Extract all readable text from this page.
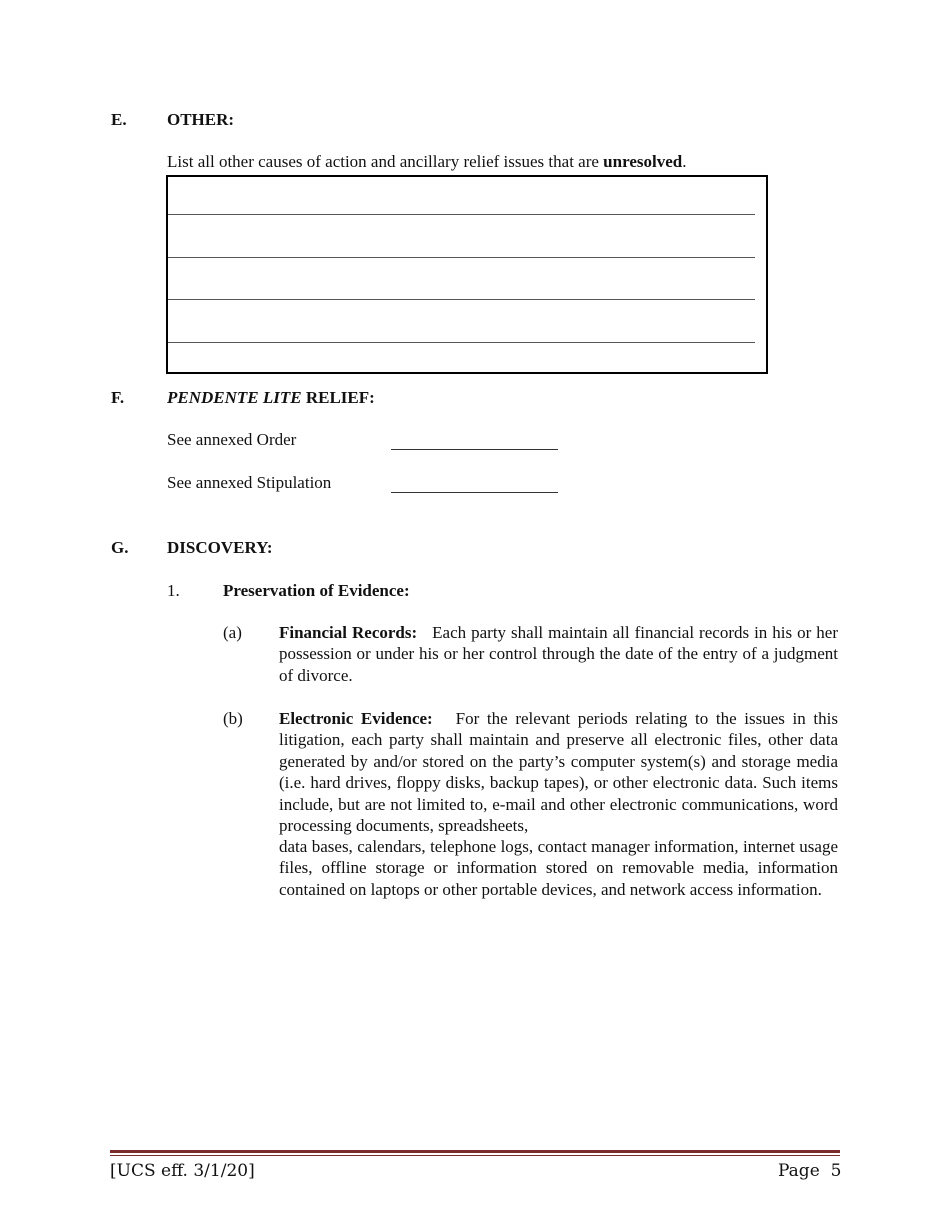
E. OTHER:
List all other causes of action and ancillary relief issues that are unresolved.
F.	PENDENTE LITE RELIEF:
See annexed Order
See annexed Stipulation
G. DISCOVERY:
1.	Preservation of Evidence:
(a) Financial Records: Each party shall maintain all financial records in his or her possession or under his or her control through the date of the entry of a judgment of divorce.
(b) Electronic Evidence: For the relevant periods relating to the issues in this litigation, each party shall maintain and preserve all electronic files, other data generated by and/or stored on the party’s computer system(s) and storage media (i.e. hard drives, floppy disks, backup tapes), or other electronic data. Such items include, but are not limited to, e-mail and other electronic communications, word processing documents, spreadsheets,
data bases, calendars, telephone logs, contact manager information, internet usage files, offline storage or information stored on removable media, information contained on laptops or other portable devices, and network access information.
[UCS eff. 3/1/20]	Page 5
